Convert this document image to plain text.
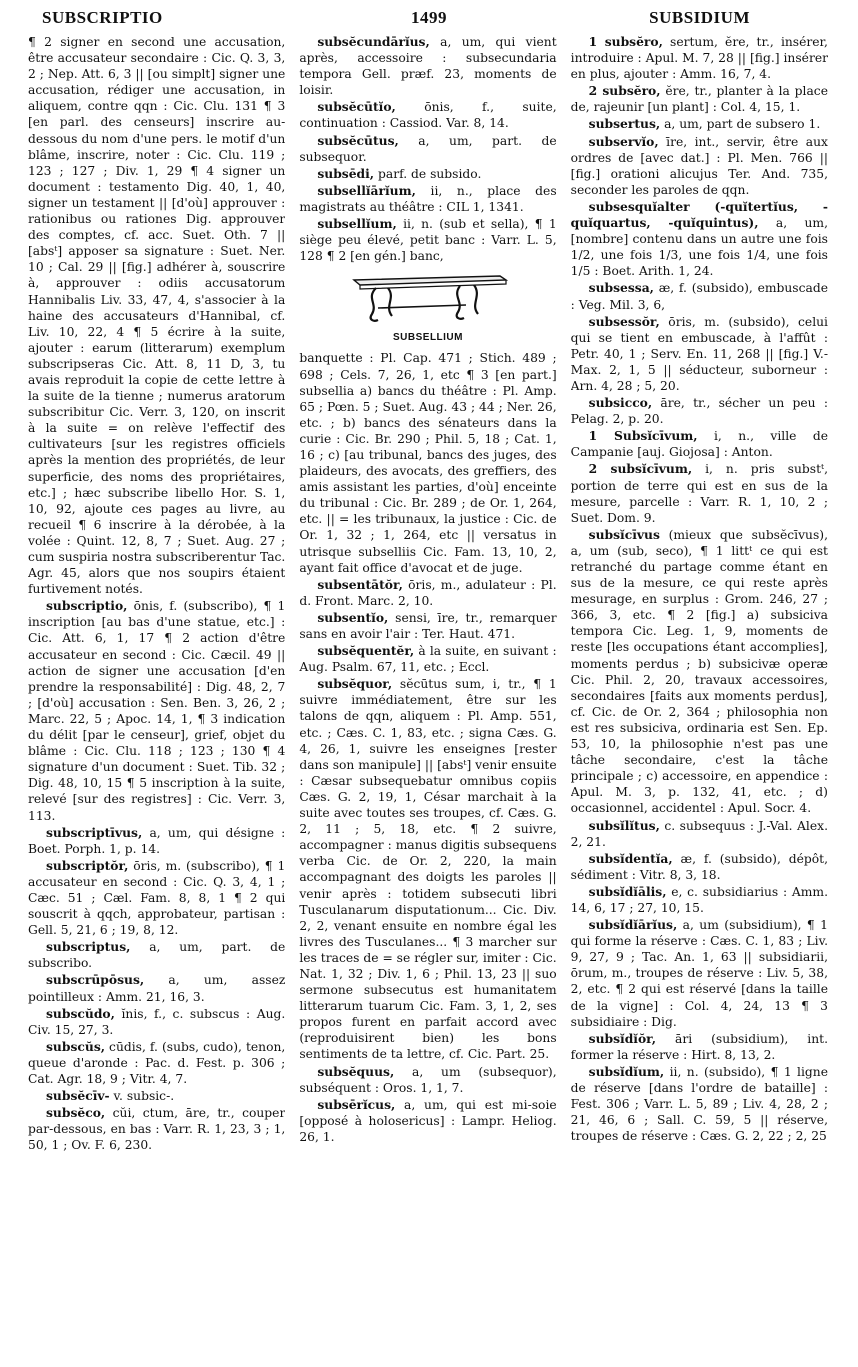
SUBSCRIPTIO	1499	SUBSIDIUM
¶ 2 signer en second une accusation, être accusateur secondaire : Cic. Q. 3, 3, 2 ; Nep. Att. 6, 3 || [ou simplt] signer une accusation, rédiger une accusation, in aliquem, contre qqn : Cic. Clu. 131 ¶ 3 [en parl. des censeurs] inscrire au-dessous du nom d'une pers. le motif d'un blâme, inscrire, noter : Cic. Clu. 119 ; 123 ; 127 ; Div. 1, 29 ¶ 4 signer un document : testamento Dig. 40, 1, 40, signer un testament || [d'où] approuver : rationibus ou rationes Dig. approuver des comptes, cf. acc. Suet. Oth. 7 || [absᵗ] apposer sa signature : Suet. Ner. 10 ; Cal. 29 || [fig.] adhérer à, souscrire à, approuver : odiis accusatorum Hannibalis Liv. 33, 47, 4, s'associer à la haine des accusateurs d'Hannibal, cf. Liv. 10, 22, 4 ¶ 5 écrire à la suite, ajouter : earum (litterarum) exemplum subscripseras Cic. Att. 8, 11 D, 3, tu avais reproduit la copie de cette lettre à la suite de la tienne ; numerus aratorum subscribitur Cic. Verr. 3, 120, on inscrit à la suite = on relève l'effectif des cultivateurs [sur les registres officiels après la mention des propriétés, de leur superficie, des noms des propriétaires, etc.] ; hæc subscribe libello Hor. S. 1, 10, 92, ajoute ces pages au livre, au recueil ¶ 6 inscrire à la dérobée, à la volée : Quint. 12, 8, 7 ; Suet. Aug. 27 ; cum suspiria nostra subscriberentur Tac. Agr. 45, alors que nos soupirs étaient furtivement notés.
subscriptio, ōnis, f. (subscribo), ¶ 1 inscription [au bas d'une statue, etc.] : Cic. Att. 6, 1, 17 ¶ 2 action d'être accusateur en second : Cic. Cæcil. 49 || action de signer une accusation [d'en prendre la responsabilité] : Dig. 48, 2, 7 ; [d'où] accusation : Sen. Ben. 3, 26, 2 ; Marc. 22, 5 ; Apoc. 14, 1, ¶ 3 indication du délit [par le censeur], grief, objet du blâme : Cic. Clu. 118 ; 123 ; 130 ¶ 4 signature d'un document : Suet. Tib. 32 ; Dig. 48, 10, 15 ¶ 5 inscription à la suite, relevé [sur des registres] : Cic. Verr. 3, 113.
subscriptīvus, a, um, qui désigne : Boet. Porph. 1, p. 14.
subscriptŏr, ōris, m. (subscribo), ¶ 1 accusateur en second : Cic. Q. 3, 4, 1 ; Cæc. 51 ; Cæl. Fam. 8, 8, 1 ¶ 2 qui souscrit à qqch, approbateur, partisan : Gell. 5, 21, 6 ; 19, 8, 12.
subscriptus, a, um, part. de subscribo.
subscrūpōsus, a, um, assez pointilleux : Amm. 21, 16, 3.
subscŭdo, ĭnis, f., c. subscus : Aug. Civ. 15, 27, 3.
subscŭs, cūdis, f. (subs, cudo), tenon, queue d'aronde : Pac. d. Fest. p. 306 ; Cat. Agr. 18, 9 ; Vitr. 4, 7.
subsĕcīv- v. subsic-.
subsĕco, cŭi, ctum, āre, tr., couper par-dessous, en bas : Varr. R. 1, 23, 3 ; 1, 50, 1 ; Ov. F. 6, 230.
subsĕcundārĭus, a, um, qui vient après, accessoire : subsecundaria tempora Gell. præf. 23, moments de loisir.
subsĕcūtĭo, ōnis, f., suite, continuation : Cassiod. Var. 8, 14.
subsĕcūtus, a, um, part. de subsequor.
subsēdi, parf. de subsido.
subsellĭārĭum, ii, n., place des magistrats au théâtre : CIL 1, 1341.
subsellĭum, ii, n. (sub et sella), ¶ 1 siège peu élevé, petit banc : Varr. L. 5, 128 ¶ 2 [en gén.] banc,
SUBSELLIUM
banquette : Pl. Cap. 471 ; Stich. 489 ; 698 ; Cels. 7, 26, 1, etc ¶ 3 [en part.] subsellia a) bancs du théâtre : Pl. Amp. 65 ; Pœn. 5 ; Suet. Aug. 43 ; 44 ; Ner. 26, etc. ; b) bancs des sénateurs dans la curie : Cic. Br. 290 ; Phil. 5, 18 ; Cat. 1, 16 ; c) [au tribunal, bancs des juges, des plaideurs, des avocats, des greffiers, des amis assistant les parties, d'où] enceinte du tribunal : Cic. Br. 289 ; de Or. 1, 264, etc. || = les tribunaux, la justice : Cic. de Or. 1, 32 ; 1, 264, etc || versatus in utrisque subselliis Cic. Fam. 13, 10, 2, ayant fait office d'avocat et de juge.
subsentātŏr, ōris, m., adulateur : Pl. d. Front. Marc. 2, 10.
subsentĭo, sensi, īre, tr., remarquer sans en avoir l'air : Ter. Haut. 471.
subsĕquentĕr, à la suite, en suivant : Aug. Psalm. 67, 11, etc. ; Eccl.
subsĕquor, sĕcūtus sum, i, tr., ¶ 1 suivre immédiatement, être sur les talons de qqn, aliquem : Pl. Amp. 551, etc. ; Cæs. C. 1, 83, etc. ; signa Cæs. G. 4, 26, 1, suivre les enseignes [rester dans son manipule] || [absᵗ] venir ensuite : Cæsar subsequebatur omnibus copiis Cæs. G. 2, 19, 1, César marchait à la suite avec toutes ses troupes, cf. Cæs. G. 2, 11 ; 5, 18, etc. ¶ 2 suivre, accompagner : manus digitis subsequens verba Cic. de Or. 2, 220, la main accompagnant des doigts les paroles || venir après : totidem subsecuti libri Tusculanarum disputationum... Cic. Div. 2, 2, venant ensuite en nombre égal les livres des Tusculanes... ¶ 3 marcher sur les traces de = se régler sur, imiter : Cic. Nat. 1, 32 ; Div. 1, 6 ; Phil. 13, 23 || suo sermone subsecutus est humanitatem litterarum tuarum Cic. Fam. 3, 1, 2, ses propos furent en parfait accord avec (reproduisirent bien) les bons sentiments de ta lettre, cf. Cic. Part. 25.
subsĕquus, a, um (subsequor), subséquent : Oros. 1, 1, 7.
subsērĭcus, a, um, qui est mi-soie [opposé à holosericus] : Lampr. Heliog. 26, 1.
1 subsĕro, sertum, ĕre, tr., insérer, introduire : Apul. M. 7, 28 || [fig.] insérer en plus, ajouter : Amm. 16, 7, 4.
2 subsĕro, ĕre, tr., planter à la place de, rajeunir [un plant] : Col. 4, 15, 1.
subsertus, a, um, part de subsero 1.
subservĭo, īre, int., servir, être aux ordres de [avec dat.] : Pl. Men. 766 || [fig.] orationi alicujus Ter. And. 735, seconder les paroles de qqn.
subsesquĭalter (-quĭtertĭus, -quĭquartus, -quĭquintus), a, um, [nombre] contenu dans un autre une fois 1/2, une fois 1/3, une fois 1/4, une fois 1/5 : Boet. Arith. 1, 24.
subsessa, æ, f. (subsido), embuscade : Veg. Mil. 3, 6,
subsessŏr, ōris, m. (subsido), celui qui se tient en embuscade, à l'affût : Petr. 40, 1 ; Serv. En. 11, 268 || [fig.] V.-Max. 2, 1, 5 || séducteur, suborneur : Arn. 4, 28 ; 5, 20.
subsicco, āre, tr., sécher un peu : Pelag. 2, p. 20.
1 Subsĭcīvum, i, n., ville de Campanie [auj. Giojosa] : Anton.
2 subsĭcīvum, i, n. pris substᵗ, portion de terre qui est en sus de la mesure, parcelle : Varr. R. 1, 10, 2 ; Suet. Dom. 9.
subsĭcīvus (mieux que subsĕcīvus), a, um (sub, seco), ¶ 1 littᵗ ce qui est retranché du partage comme étant en sus de la mesure, ce qui reste après mesurage, en surplus : Grom. 246, 27 ; 366, 3, etc. ¶ 2 [fig.] a) subsiciva tempora Cic. Leg. 1, 9, moments de reste [les occupations étant accomplies], moments perdus ; b) subsicivæ operæ Cic. Phil. 2, 20, travaux accessoires, secondaires [faits aux moments perdus], cf. Cic. de Or. 2, 364 ; philosophia non est res subsiciva, ordinaria est Sen. Ep. 53, 10, la philosophie n'est pas une tâche secondaire, c'est la tâche principale ; c) accessoire, en appendice : Apul. M. 3, p. 132, 41, etc. ; d) occasionnel, accidentel : Apul. Socr. 4.
subsĭlĭtus, c. subsequus : J.-Val. Alex. 2, 21.
subsĭdentĭa, æ, f. (subsido), dépôt, sédiment : Vitr. 8, 3, 18.
subsĭdĭālis, e, c. subsidiarius : Amm. 14, 6, 17 ; 27, 10, 15.
subsĭdĭārĭus, a, um (subsidium), ¶ 1 qui forme la réserve : Cæs. C. 1, 83 ; Liv. 9, 27, 9 ; Tac. An. 1, 63 || subsidiarii, ōrum, m., troupes de réserve : Liv. 5, 38, 2, etc. ¶ 2 qui est réservé [dans la taille de la vigne] : Col. 4, 24, 13 ¶ 3 subsidiaire : Dig.
subsĭdĭŏr, āri (subsidium), int. former la réserve : Hirt. 8, 13, 2.
subsĭdĭum, ii, n. (subsido), ¶ 1 ligne de réserve [dans l'ordre de bataille] : Fest. 306 ; Varr. L. 5, 89 ; Liv. 4, 28, 2 ; 21, 46, 6 ; Sall. C. 59, 5 || réserve, troupes de réserve : Cæs. G. 2, 22 ; 2, 25
